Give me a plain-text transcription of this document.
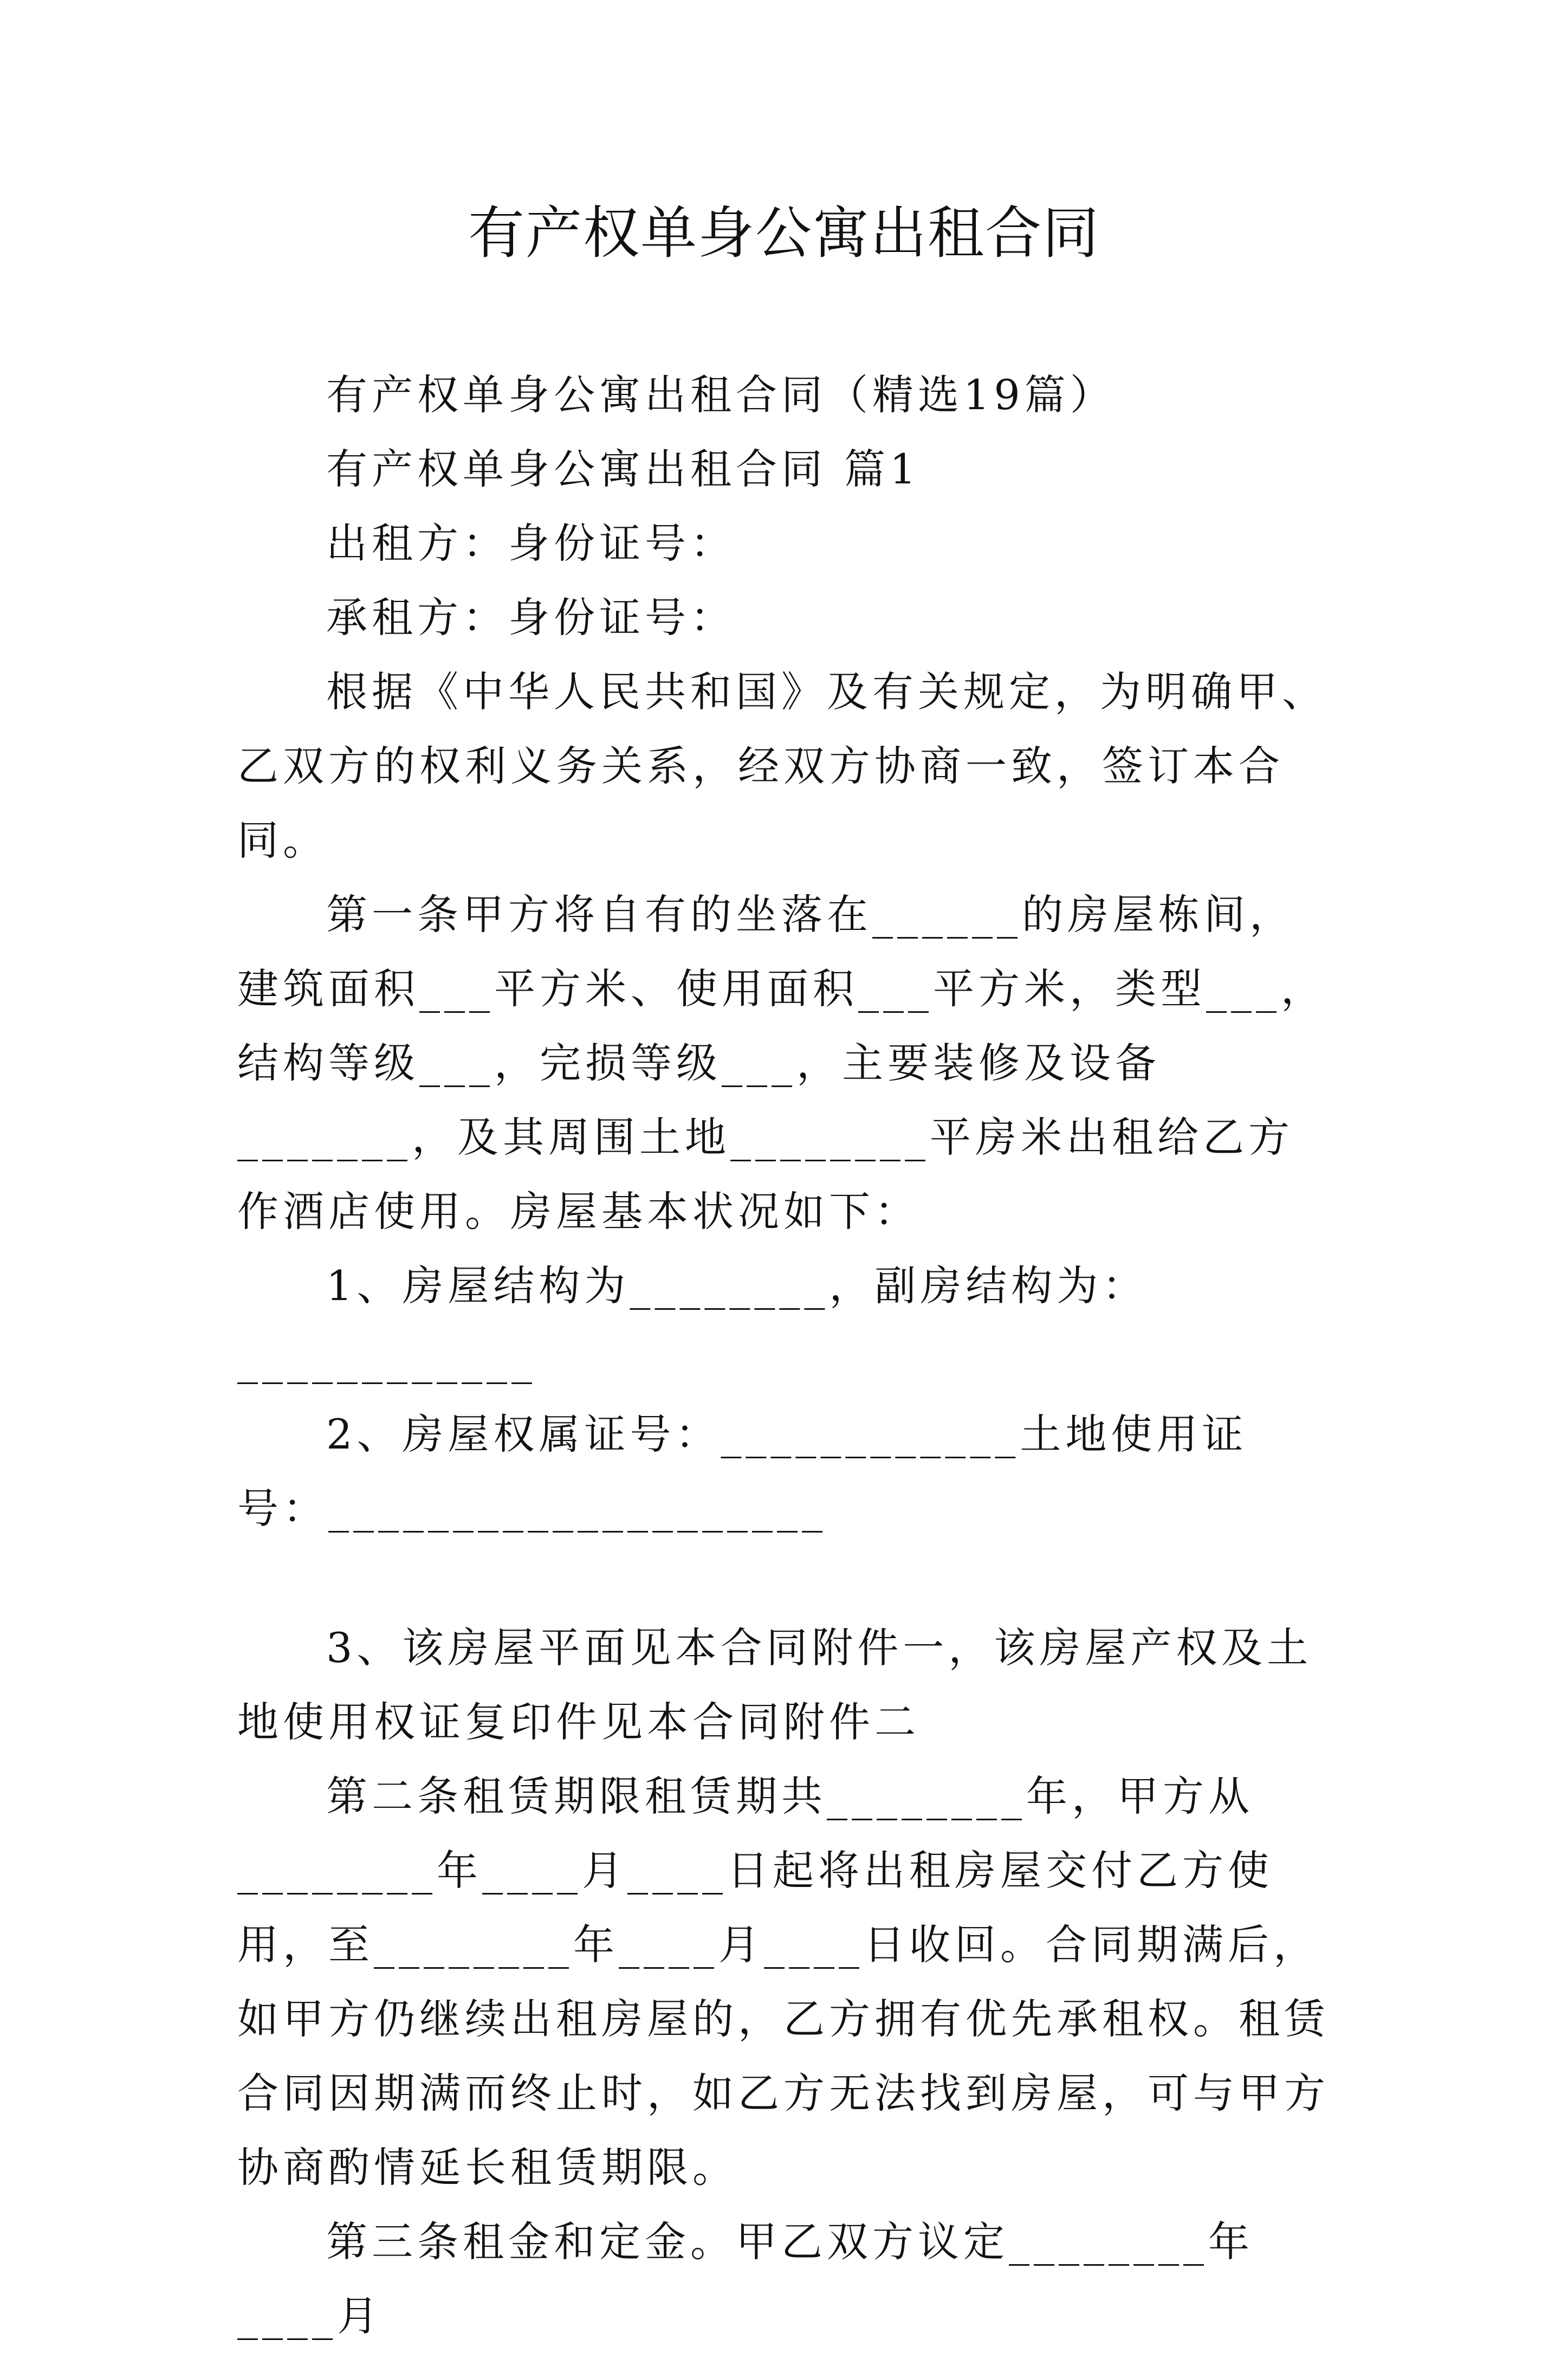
有产权单身公寓出租合同

有产权单身公寓出租合同（精选19篇）

有产权单身公寓出租合同 篇1

出租方：身份证号：

承租方：身份证号：

根据《中华人民共和国》及有关规定，为明确甲、乙双方的权利义务关系，经双方协商一致，签订本合同。

第一条甲方将自有的坐落在______的房屋栋间，建筑面积___平方米、使用面积___平方米，类型___，结构等级___，完损等级___，主要装修及设备_______，及其周围土地________平房米出租给乙方作酒店使用。房屋基本状况如下：

1、房屋结构为________，副房结构为：____________

2、房屋权属证号：____________土地使用证号：____________________

3、该房屋平面见本合同附件一，该房屋产权及土地使用权证复印件见本合同附件二

第二条租赁期限租赁期共________年，甲方从________年____月____日起将出租房屋交付乙方使用，至________年____月____日收回。合同期满后，如甲方仍继续出租房屋的，乙方拥有优先承租权。租赁合同因期满而终止时，如乙方无法找到房屋，可与甲方协商酌情延长租赁期限。

第三条租金和定金。甲乙双方议定________年____月
